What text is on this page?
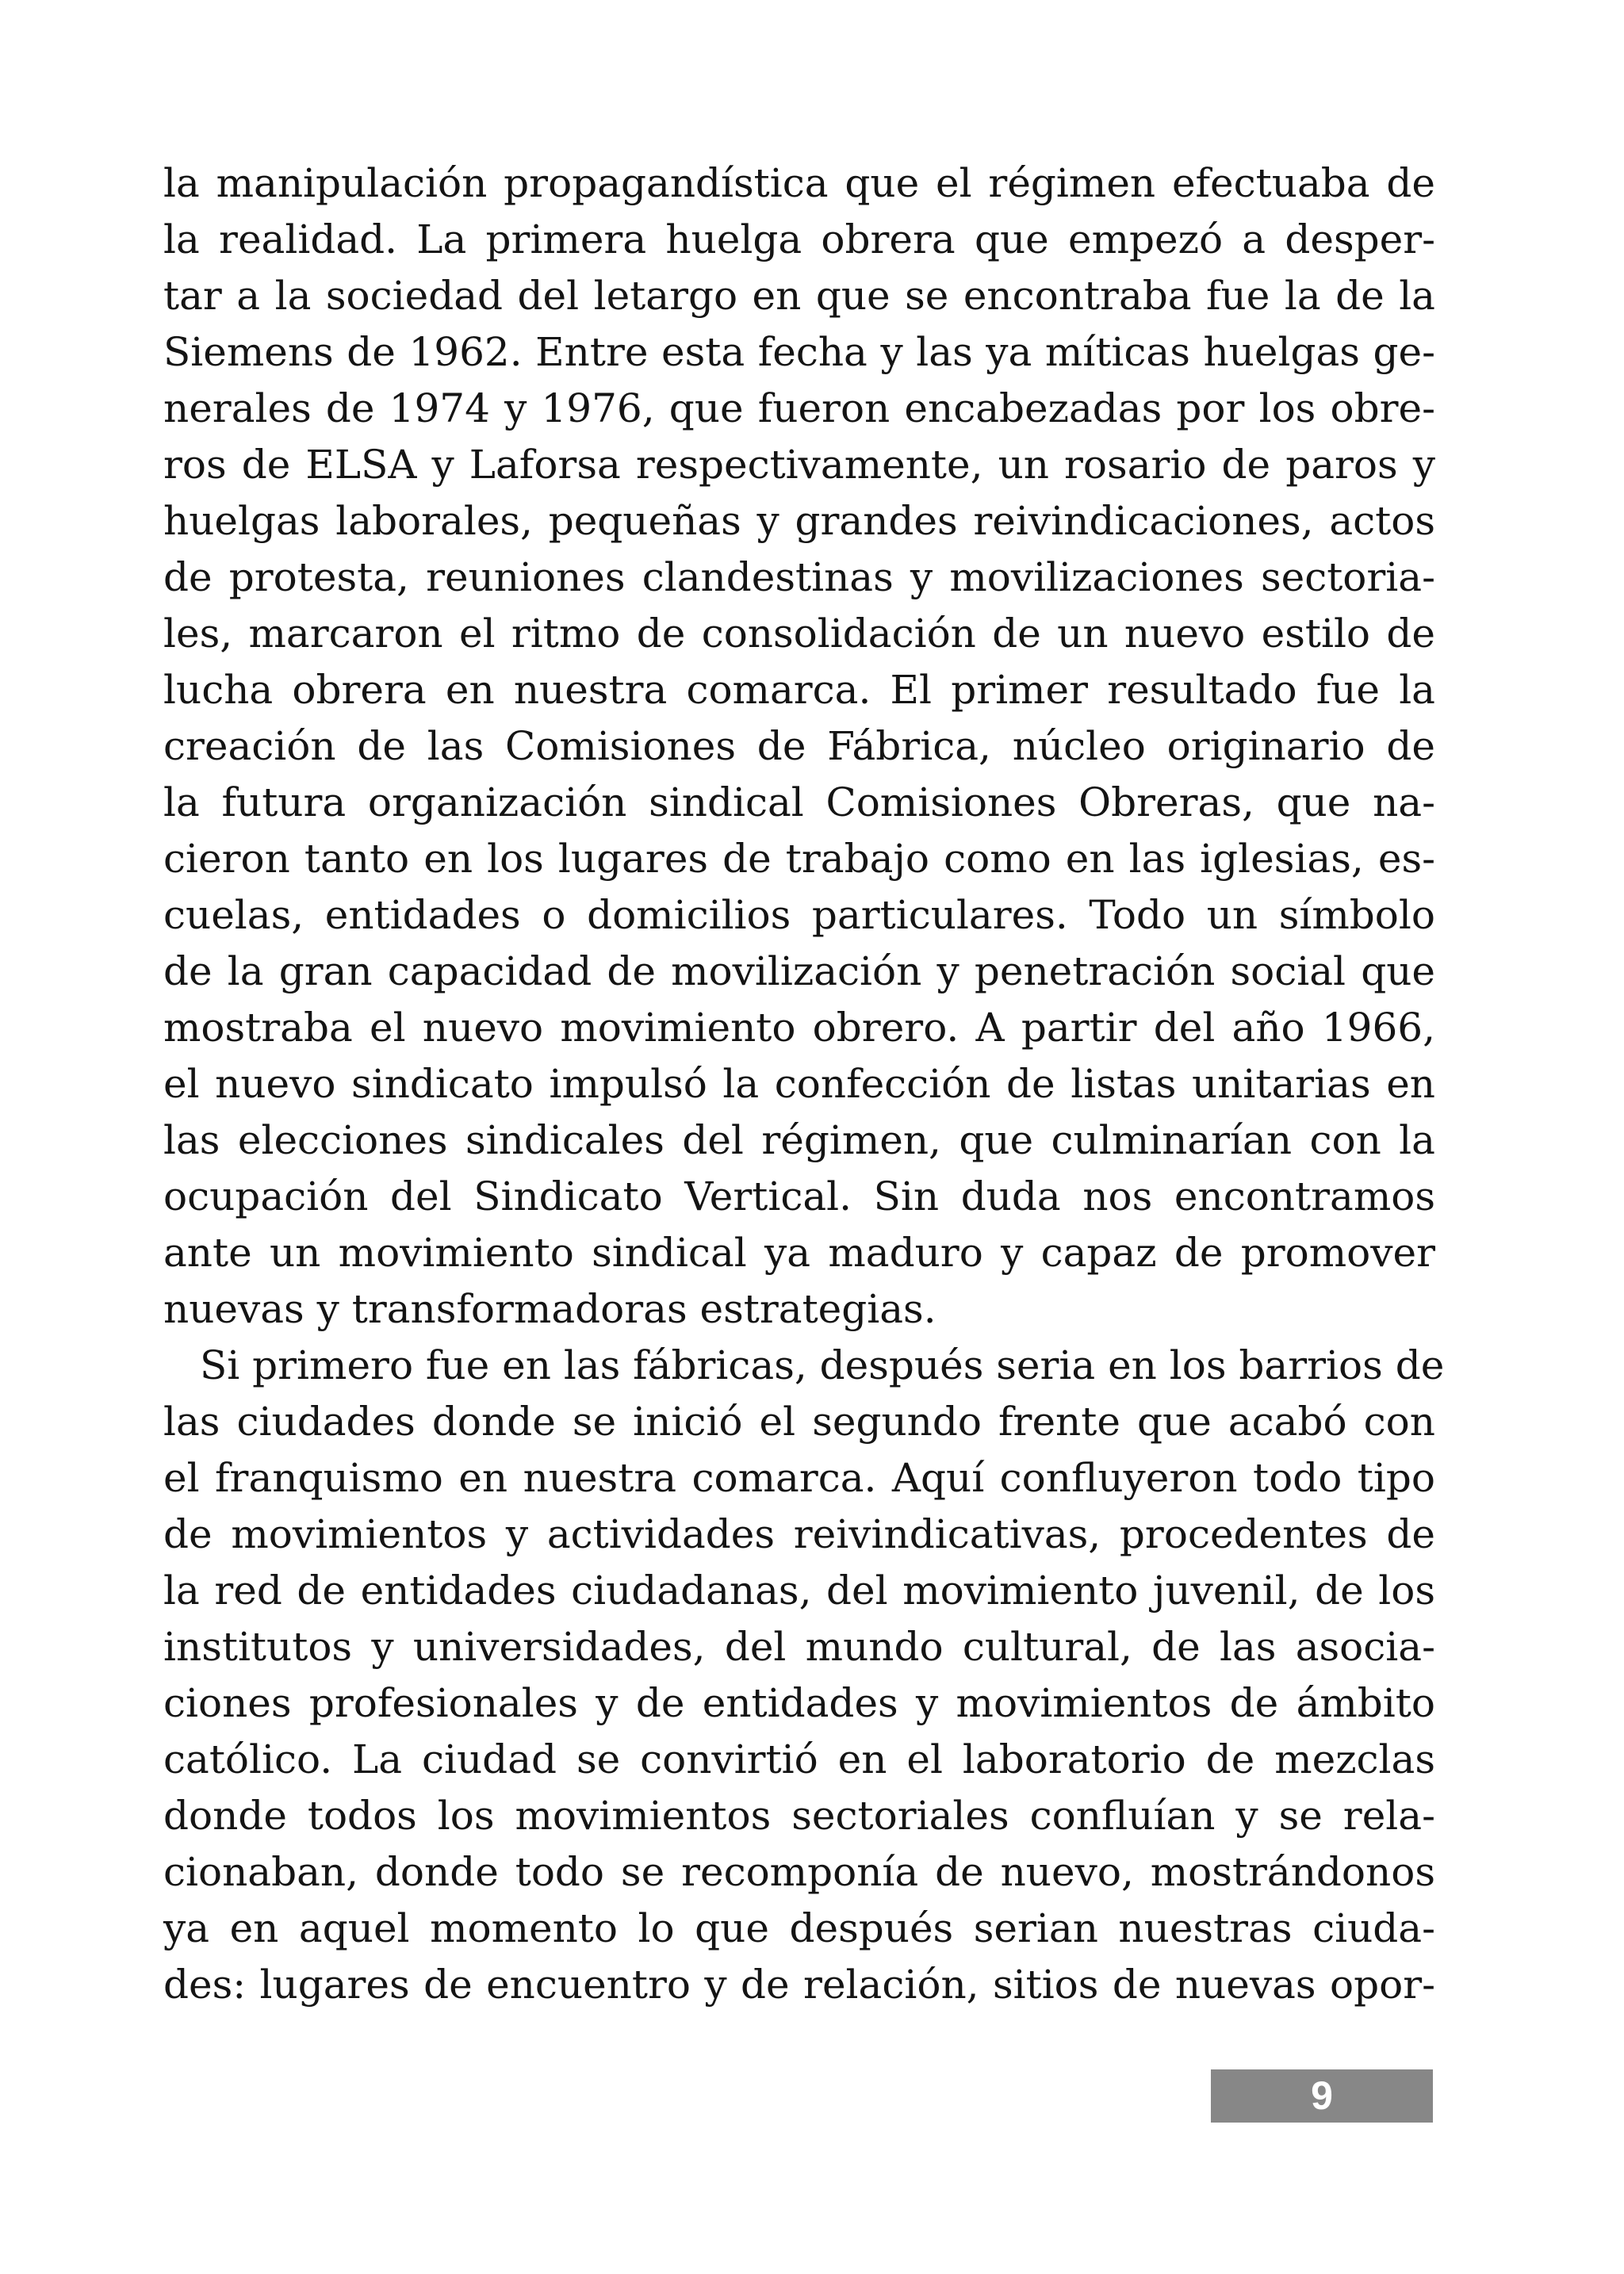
la manipulación propagandística que el régimen efectuaba de
la realidad. La primera huelga obrera que empezó a desper-
tar a la sociedad del letargo en que se encontraba fue la de la
Siemens de 1962. Entre esta fecha y las ya míticas huelgas ge-
nerales de 1974 y 1976, que fueron encabezadas por los obre-
ros de ELSA y Laforsa respectivamente, un rosario de paros y
huelgas laborales, pequeñas y grandes reivindicaciones, actos
de protesta, reuniones clandestinas y movilizaciones sectoria-
les, marcaron el ritmo de consolidación de un nuevo estilo de
lucha obrera en nuestra comarca. El primer resultado fue la
creación de las Comisiones de Fábrica, núcleo originario de
la futura organización sindical Comisiones Obreras, que na-
cieron tanto en los lugares de trabajo como en las iglesias, es-
cuelas, entidades o domicilios particulares. Todo un símbolo
de la gran capacidad de movilización y penetración social que
mostraba el nuevo movimiento obrero. A partir del año 1966,
el nuevo sindicato impulsó la confección de listas unitarias en
las elecciones sindicales del régimen, que culminarían con la
ocupación del Sindicato Vertical. Sin duda nos encontramos
ante un movimiento sindical ya maduro y capaz de promover
nuevas y transformadoras estrategias.
Si primero fue en las fábricas, después seria en los barrios de
las ciudades donde se inició el segundo frente que acabó con
el franquismo en nuestra comarca. Aquí confluyeron todo tipo
de movimientos y actividades reivindicativas, procedentes de
la red de entidades ciudadanas, del movimiento juvenil, de los
institutos y universidades, del mundo cultural, de las asocia-
ciones profesionales y de entidades y movimientos de ámbito
católico. La ciudad se convirtió en el laboratorio de mezclas
donde todos los movimientos sectoriales confluían y se rela-
cionaban, donde todo se recomponía de nuevo, mostrándonos
ya en aquel momento lo que después serian nuestras ciuda-
des: lugares de encuentro y de relación, sitios de nuevas opor-
9
